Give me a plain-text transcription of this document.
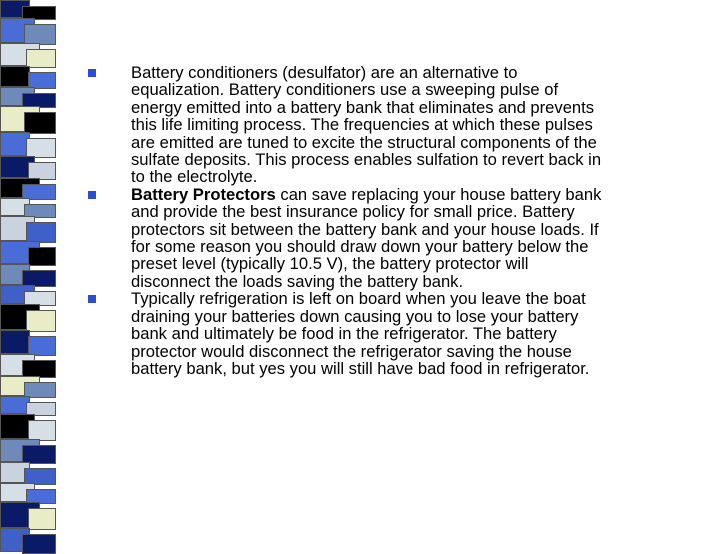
Battery conditioners (desulfator) are an alternative to
equalization. Battery conditioners use a sweeping pulse of
energy emitted into a battery bank that eliminates and prevents
this life limiting process. The frequencies at which these pulses
are emitted are tuned to excite the structural components of the
sulfate deposits. This process enables sulfation to revert back in
to the electrolyte.
Battery Protectors can save replacing your house battery bank
and provide the best insurance policy for small price. Battery
protectors sit between the battery bank and your house loads. If
for some reason you should draw down your battery below the
preset level (typically 10.5 V), the battery protector will
disconnect the loads saving the battery bank.
Typically refrigeration is left on board when you leave the boat
draining your batteries down causing you to lose your battery
bank and ultimately be food in the refrigerator. The battery
protector would disconnect the refrigerator saving the house
battery bank, but yes you will still have bad food in refrigerator.
